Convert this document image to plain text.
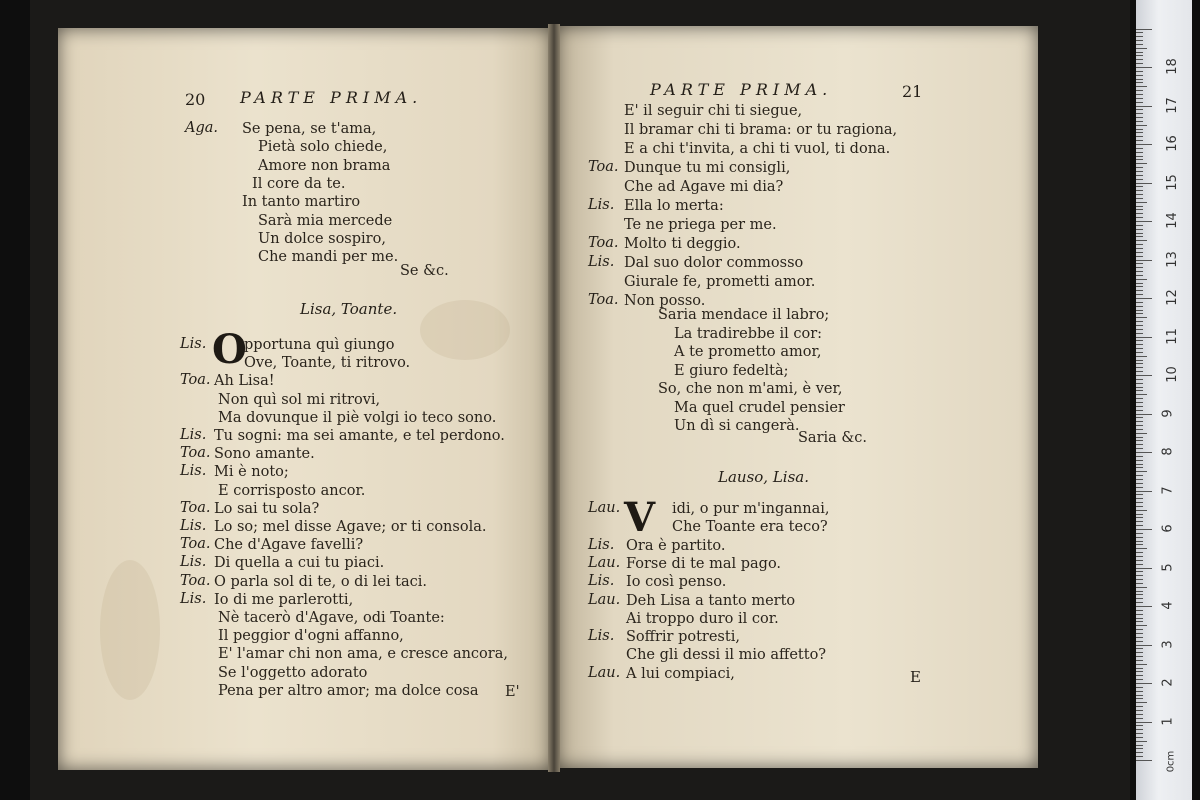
20 PARTE PRIMA.
Aga.
Se &c.
Lisa, Toante.
O
E'
PARTE PRIMA.	21
Saria &c.
Lauso, Lisa.
V
E
1
2
3
4
5
6
7
8
9
10
11
12
13
14
15
16
17
18
0cm
Se pena, se t'ama,
Pietà solo chiede,
Amore non brama
Il core da te.
In tanto martiro
Sarà mia mercede
Un dolce sospiro,
Che mandi per me.
Lis.	pportuna quì giungo
Ove, Toante, ti ritrovo.
Toa. Ah Lisa!
Non quì sol mi ritrovi,
Ma dovunque il piè volgi io teco sono.
Lis. Tu sogni: ma sei amante, e tel perdono.
Toa. Sono amante.
Lis. Mi è noto;
E corrisposto ancor.
Toa. Lo sai tu sola?
Lis. Lo so; mel disse Agave; or ti consola.
Toa. Che d'Agave favelli?
Lis. Di quella a cui tu piaci.
Toa. O parla sol di te, o di lei taci.
Lis. Io di me parlerotti,
Nè tacerò d'Agave, odi Toante:
Il peggior d'ogni affanno,
E' l'amar chi non ama, e cresce ancora,
Se l'oggetto adorato
Pena per altro amor; ma dolce cosa
E' il seguir chi ti siegue,
Il bramar chi ti brama: or tu ragiona,
E a chi t'invita, a chi ti vuol, ti dona.
Toa. Dunque tu mi consigli,
Che ad Agave mi dia?
Lis. Ella lo merta:
Te ne priega per me.
Toa. Molto ti deggio.
Lis. Dal suo dolor commosso
Giurale fe, prometti amor.
Toa. Non posso.
Saria mendace il labro;
La tradirebbe il cor:
A te prometto amor,
E giuro fedeltà;
So, che non m'ami, è ver,
Ma quel crudel pensier
Un dì si cangerà.
Lau.	idi, o pur m'ingannai,
Che Toante era teco?
Lis. Ora è partito.
Lau. Forse di te mal pago.
Lis. Io così penso.
Lau. Deh Lisa a tanto merto
Ai troppo duro il cor.
Lis. Soffrir potresti,
Che gli dessi il mio affetto?
Lau. A lui compiaci,
